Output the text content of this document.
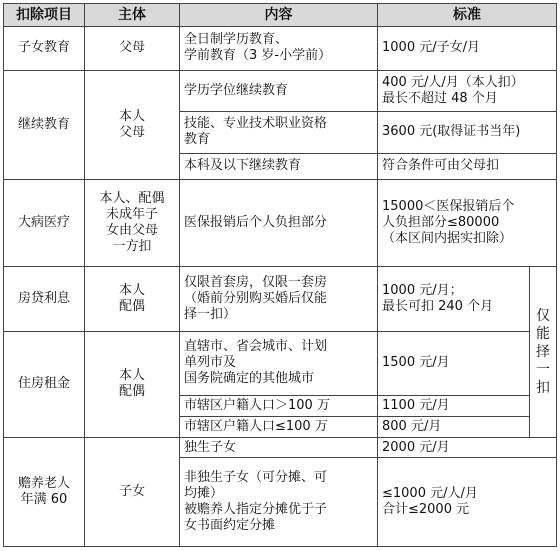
扣除项目	主体	内容	标准	
子女教育	父母	全日制学历教育、
学前教育（3 岁-小学前）	1000 元/子女/月	
继续教育	本人
父母	学历学位继续教育	400 元/人/月（本人扣）
最长不超过 48 个月	
		技能、专业技术职业资格
教育	3600 元(取得证书当年)	
		本科及以下继续教育	符合条件可由父母扣	
大病医疗	本人、配偶
未成年子
女由父母
一方扣	医保报销后个人负担部分	15000＜医保报销后个
人负担部分≤80000
（本区间内据实扣除）	
房贷利息	本人
配偶	仅限首套房，仅限一套房
（婚前分别购买婚后仅能
择一扣）	1000 元/月；
最长可扣 240 个月	仅能择一扣
住房租金	本人
配偶	直辖市、省会城市、计划
单列市及
国务院确定的其他城市	1500 元/月	
		市辖区户籍人口＞100 万	1100 元/月	
		市辖区户籍人口≤100 万	800 元/月	
赡养老人
年满 60	子女	独生子女	2000 元/月	
		非独生子女（可分摊、可
均摊）
被赡养人指定分摊优于子
女书面约定分摊	≤1000 元/人/月
合计≤2000 元	
